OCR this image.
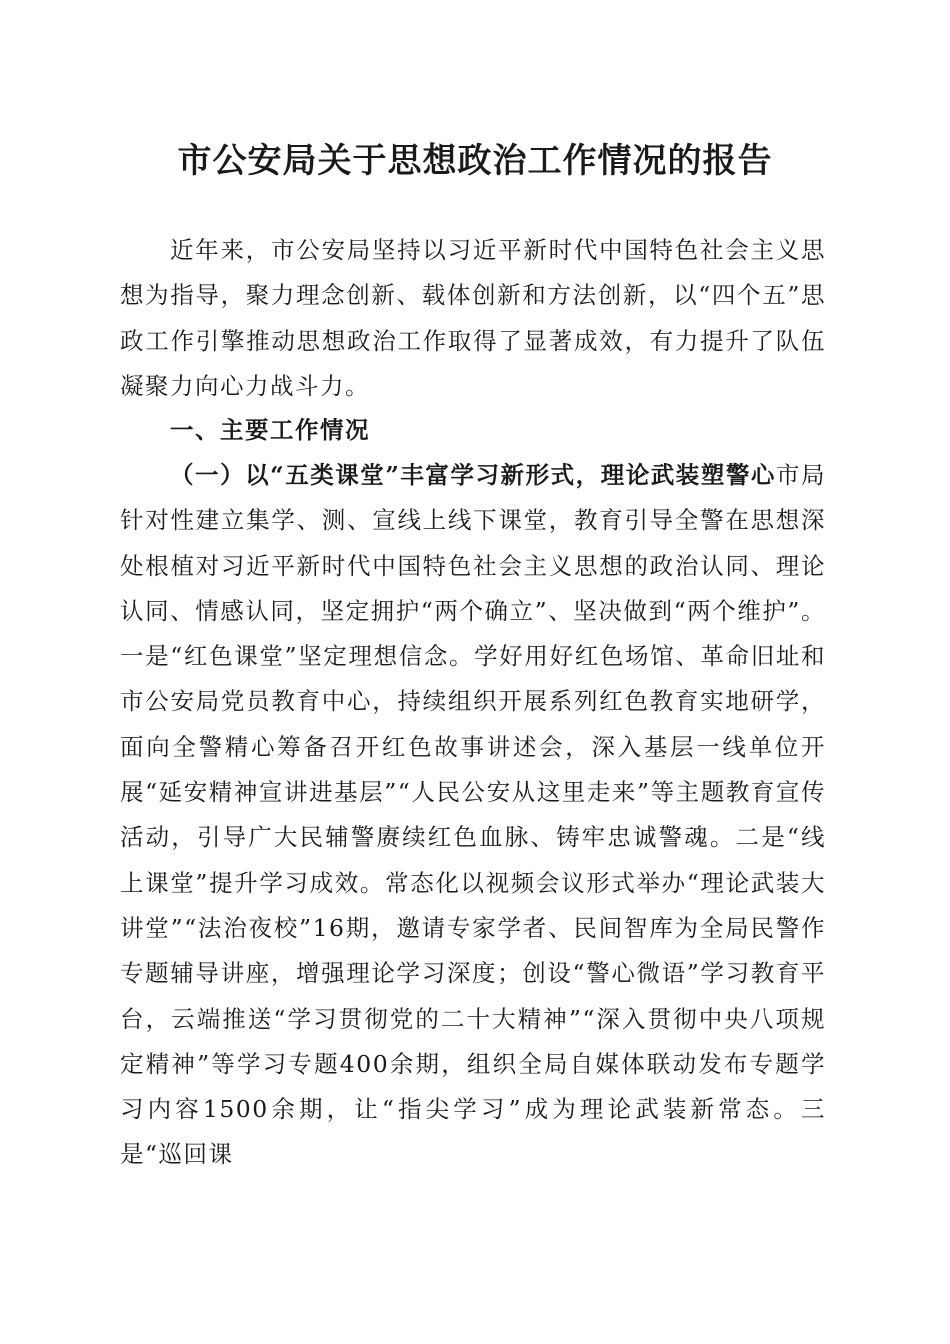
市公安局关于思想政治工作情况的报告

近年来，市公安局坚持以习近平新时代中国特色社会主义思想为指导，聚力理念创新、载体创新和方法创新，以“四个五”思政工作引擎推动思想政治工作取得了显著成效，有力提升了队伍凝聚力向心力战斗力。

一、主要工作情况

（一）以“五类课堂”丰富学习新形式，理论武装塑警心市局针对性建立集学、测、宣线上线下课堂，教育引导全警在思想深处根植对习近平新时代中国特色社会主义思想的政治认同、理论认同、情感认同，坚定拥护“两个确立”、坚决做到“两个维护”。一是“红色课堂”坚定理想信念。学好用好红色场馆、革命旧址和市公安局党员教育中心，持续组织开展系列红色教育实地研学，面向全警精心筹备召开红色故事讲述会，深入基层一线单位开展“延安精神宣讲进基层”“人民公安从这里走来”等主题教育宣传活动，引导广大民辅警赓续红色血脉、铸牢忠诚警魂。二是“线上课堂”提升学习成效。常态化以视频会议形式举办“理论武装大讲堂”“法治夜校”16期，邀请专家学者、民间智库为全局民警作专题辅导讲座，增强理论学习深度；创设“警心微语”学习教育平台，云端推送“学习贯彻党的二十大精神”“深入贯彻中央八项规定精神”等学习专题400余期，组织全局自媒体联动发布专题学习内容1500余期，让“指尖学习”成为理论武装新常态。三是“巡回课
